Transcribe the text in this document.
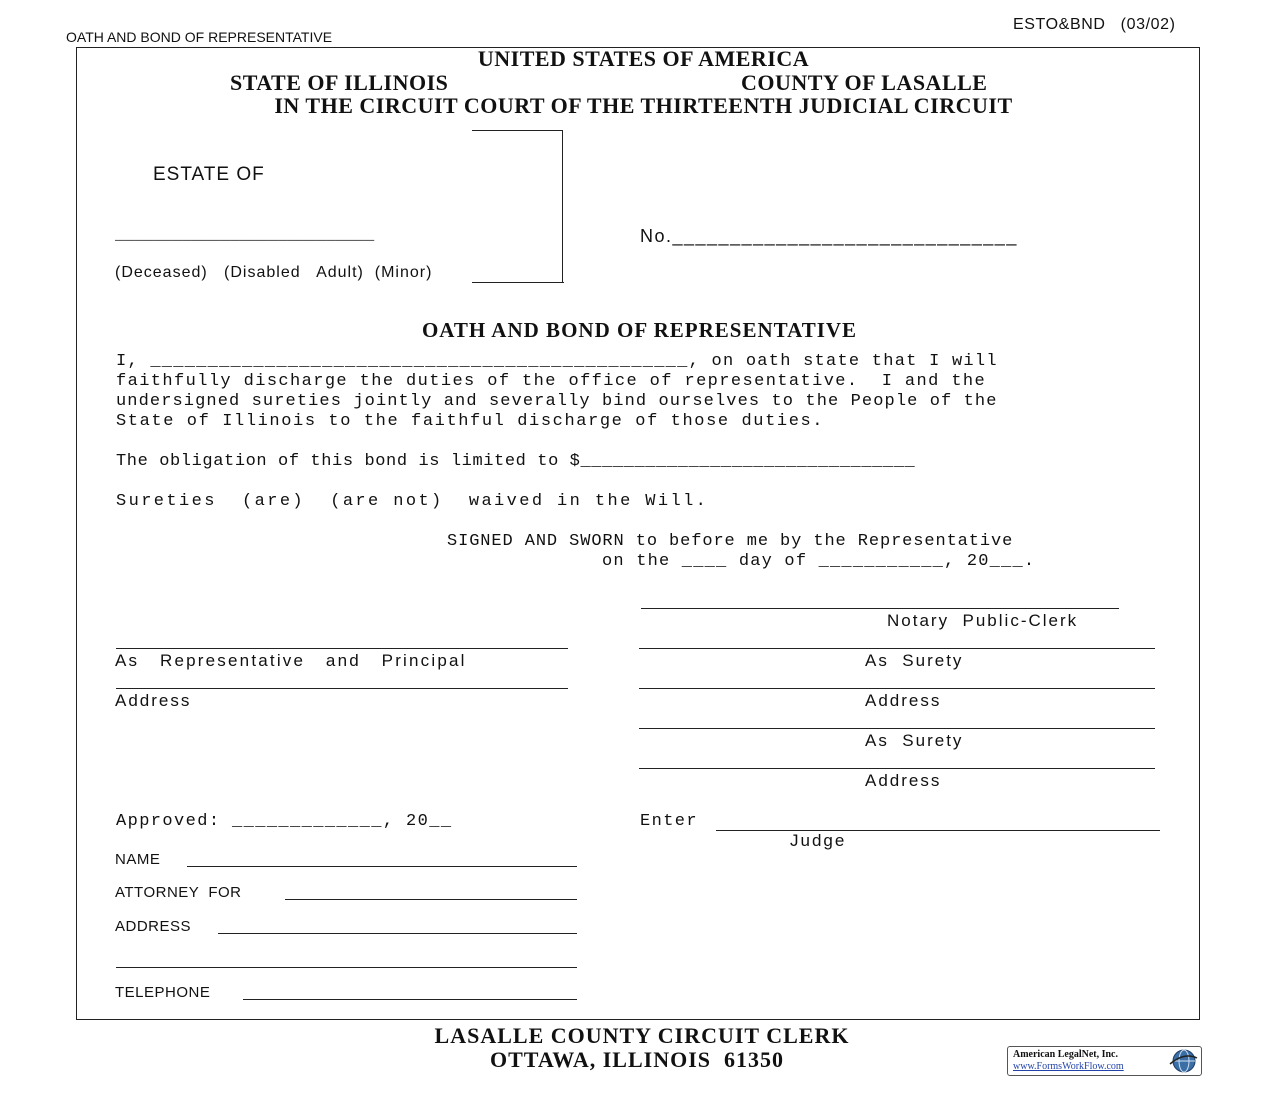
ESTO&BND   (03/02)
OATH AND BOND OF REPRESENTATIVE
UNITED STATES OF AMERICA
STATE OF ILLINOIS	COUNTY OF LASALLE
IN THE CIRCUIT COURT OF THE THIRTEENTH JUDICIAL CIRCUIT
ESTATE OF
___________________________
(Deceased)   (Disabled   Adult)  (Minor)
No.______________________________
OATH AND BOND OF REPRESENTATIVE
I, _______________________________________________, on oath state that I will
faithfully discharge the duties of the office of representative.  I and the
undersigned sureties jointly and severally bind ourselves to the People of the
State of Illinois to the faithful discharge of those duties.
The obligation of this bond is limited to $_______________________________
Sureties  (are)  (are not)  waived in the Will.
SIGNED AND SWORN to before me by the Representative
on the ____ day of ___________, 20___.
Notary  Public-Clerk
As   Representative   and   Principal
Address
As  Surety
Address
As  Surety
Address
Approved: _____________, 20__	Enter
Judge
NAME
ATTORNEY  FOR
ADDRESS
TELEPHONE
LASALLE COUNTY CIRCUIT CLERK
OTTAWA, ILLINOIS  61350	American LegalNet, Inc.
www.FormsWorkFlow.com
